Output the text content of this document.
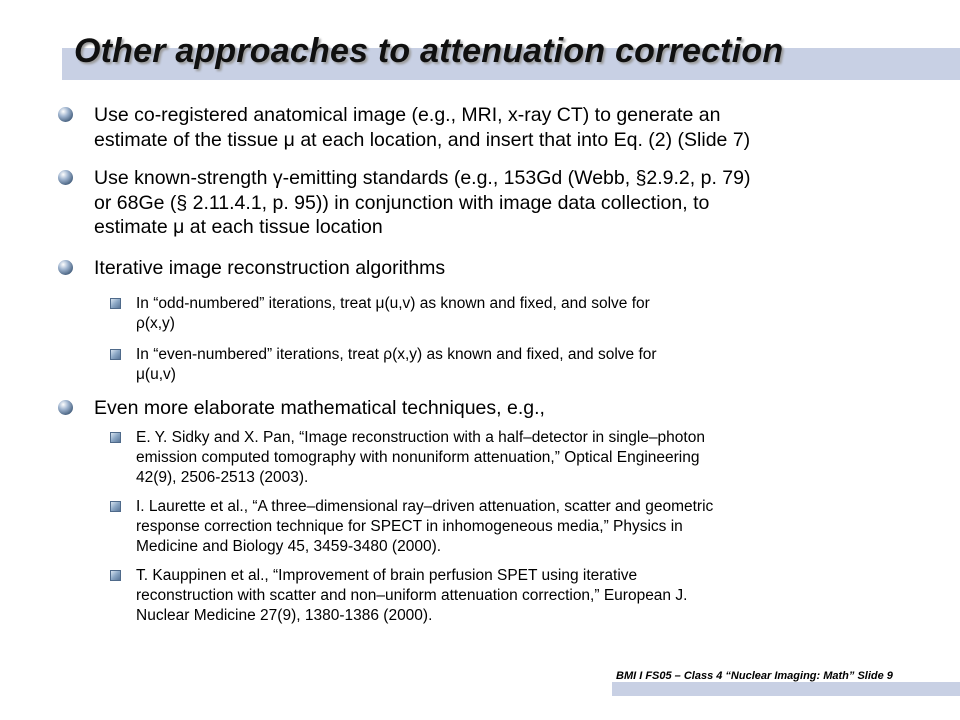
Other approaches to attenuation correction
Use co-registered anatomical image (e.g., MRI, x-ray CT) to generate an
estimate of the tissue μ at each location, and insert that into Eq. (2) (Slide 7)
Use known-strength γ-emitting standards (e.g., 153Gd (Webb, §2.9.2, p. 79)
or 68Ge (§ 2.11.4.1, p. 95)) in conjunction with image data collection, to
estimate μ at each tissue location
Iterative image reconstruction algorithms
In “odd-numbered” iterations, treat μ(u,v) as known and fixed, and solve for
ρ(x,y)
In “even-numbered” iterations, treat ρ(x,y) as known and fixed, and solve for
μ(u,v)
Even more elaborate mathematical techniques, e.g.,
E. Y. Sidky and X. Pan, “Image reconstruction with a half–detector in single–photon
emission computed tomography with nonuniform attenuation,” Optical Engineering
42(9), 2506-2513 (2003).
I. Laurette et al., “A three–dimensional ray–driven attenuation, scatter and geometric
response correction technique for SPECT in inhomogeneous media,” Physics in
Medicine and Biology 45, 3459-3480 (2000).
T. Kauppinen et al., “Improvement of brain perfusion SPET using iterative
reconstruction with scatter and non–uniform attenuation correction,” European J.
Nuclear Medicine 27(9), 1380-1386 (2000).
BMI I FS05 – Class 4 “Nuclear Imaging: Math” Slide 9
